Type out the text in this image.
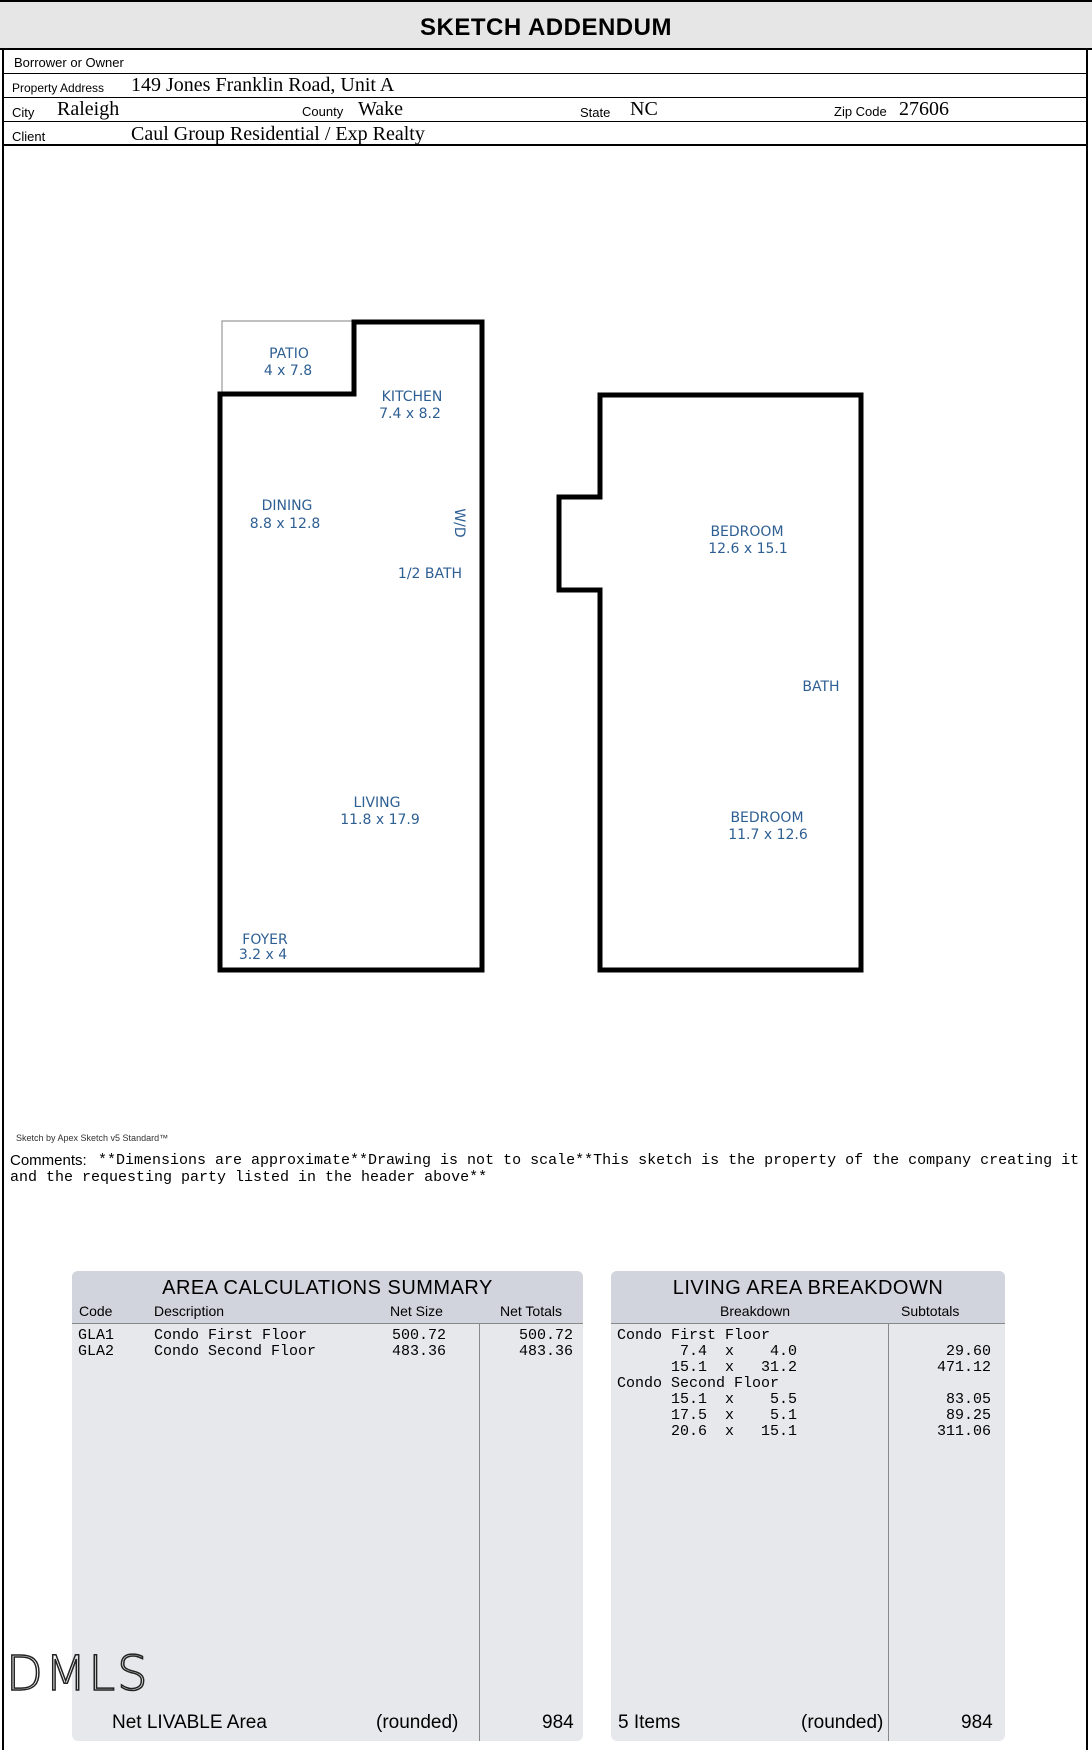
SKETCH ADDENDUM
Borrower or Owner
Property Address 149 Jones Franklin Road, Unit A
City Raleigh	County Wake	State NC	Zip Code 27606
Client	Caul Group Residential / Exp Realty
PATIO
4 x 7.8
KITCHEN
7.4 x 8.2
DINING
8.8 x 12.8	W/D
1/2 BATH
LIVING
11.8 x 17.9
FOYER
3.2 x 4
BEDROOM
12.6 x 15.1
BATH
BEDROOM
11.7 x 12.6
Sketch by Apex Sketch v5 Standard™
Comments: **Dimensions are approximate**Drawing is not to scale**This sketch is the property of the company creating it and the requesting party listed in the header above**
AREA CALCULATIONS SUMMARY
Code	Description	Net Size	Net Totals
GLA1	Condo First Floor	500.72	500.72
GLA2	Condo Second Floor	483.36	483.36
Net LIVABLE Area	(rounded)	984
LIVING AREA BREAKDOWN
Breakdown	Subtotals
Condo First Floor
7.4  x    4.0	29.60
15.1  x   31.2	471.12
Condo Second Floor
15.1  x    5.5	83.05
17.5  x    5.1	89.25
20.6  x   15.1	311.06
5 Items	(rounded)	984
DMLS
